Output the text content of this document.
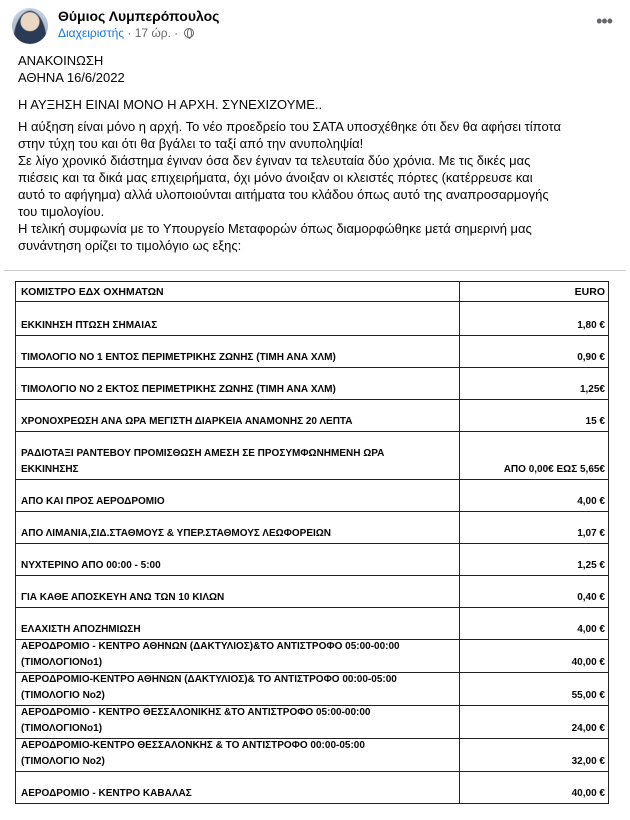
Θύμιος Λυμπερόπουλος
Διαχειριστής · 17 ώρ. ·
•••
ΑΝΑΚΟΙΝΩΣΗ
ΑΘΗΝΑ 16/6/2022
Η ΑΥΞΗΣΗ ΕΙΝΑΙ ΜΟΝΟ Η ΑΡΧΗ. ΣΥΝΕΧΙΖΟΥΜΕ..
Η αύξηση είναι μόνο η αρχή. Το νέο προεδρείο του ΣΑΤΑ υποσχέθηκε ότι δεν θα αφήσει τίποτα
στην τύχη του και ότι θα βγάλει το ταξί από την ανυποληψία!
Σε λίγο χρονικό διάστημα έγιναν όσα δεν έγιναν τα τελευταία δύο χρόνια. Με τις δικές μας
πιέσεις και τα δικά μας επιχειρήματα, όχι μόνο άνοιξαν οι κλειστές πόρτες (κατέρρευσε και
αυτό το αφήγημα) αλλά υλοποιούνται αιτήματα του κλάδου όπως αυτό της αναπροσαρμογής
του τιμολογίου.
Η τελική συμφωνία με το Υπουργείο Μεταφορών όπως διαμορφώθηκε μετά σημερινή μας
συνάντηση ορίζει το τιμολόγιο ως εξης:
ΚΟΜΙΣΤΡΟ ΕΔΧ ΟΧΗΜΑΤΩΝ	EURO

ΕΚΚΙΝΗΣΗ ΠΤΩΣΗ ΣΗΜΑΙΑΣ	1,80 €

ΤΙΜΟΛΟΓΙΟ ΝΟ 1 ΕΝΤΟΣ ΠΕΡΙΜΕΤΡΙΚΗΣ ΖΩΝΗΣ (ΤΙΜΗ ΑΝΑ ΧΛΜ)	0,90 €

ΤΙΜΟΛΟΓΙΟ ΝΟ 2 ΕΚΤΟΣ ΠΕΡΙΜΕΤΡΙΚΗΣ ΖΩΝΗΣ (ΤΙΜΗ ΑΝΑ ΧΛΜ)	1,25€

ΧΡΟΝΟΧΡΕΩΣΗ ΑΝΑ ΩΡΑ ΜΕΓΙΣΤΗ ΔΙΑΡΚΕΙΑ ΑΝΑΜΟΝΗΣ 20 ΛΕΠΤΑ	15 €

ΡΑΔΙΟΤΑΞΙ ΡΑΝΤΕΒΟΥ ΠΡΟΜΙΣΘΩΣΗ ΑΜΕΣΗ ΣΕ ΠΡΟΣΥΜΦΩΝΗΜΕΝΗ ΩΡΑ
ΕΚΚΙΝΗΣΗΣ	ΑΠΟ 0,00€ ΕΩΣ 5,65€

ΑΠΟ ΚΑΙ ΠΡΟΣ ΑΕΡΟΔΡΟΜΙΟ	4,00 €

ΑΠΟ ΛΙΜΑΝΙΑ,ΣΙΔ.ΣΤΑΘΜΟΥΣ & ΥΠΕΡ.ΣΤΑΘΜΟΥΣ ΛΕΩΦΟΡΕΙΩΝ	1,07 €

ΝΥΧΤΕΡΙΝΟ ΑΠΟ 00:00 - 5:00	1,25 €

ΓΙΑ ΚΑΘΕ ΑΠΟΣΚΕΥΗ ΑΝΩ ΤΩΝ 10 ΚΙΛΩΝ	0,40 €

ΕΛΑΧΙΣΤΗ ΑΠΟΖΗΜΙΩΣΗ	4,00 €

ΑΕΡΟΔΡΟΜΙΟ - ΚΕΝΤΡΟ ΑΘΗΝΩΝ (ΔΑΚΤΥΛΙΟΣ)&ΤΟ ΑΝΤΙΣΤΡΟΦΟ 05:00-00:00
(ΤΙΜΟΛΟΓΙΟΝο1)	40,00 €

ΑΕΡΟΔΡΟΜΙΟ-ΚΕΝΤΡΟ ΑΘΗΝΩΝ (ΔΑΚΤΥΛΙΟΣ)& ΤΟ ΑΝΤΙΣΤΡΟΦΟ 00:00-05:00
(ΤΙΜΟΛΟΓΙΟ Νο2)	55,00 €

ΑΕΡΟΔΡΟΜΙΟ - ΚΕΝΤΡΟ ΘΕΣΣΑΛΟΝΙΚΗΣ &ΤΟ ΑΝΤΙΣΤΡΟΦΟ 05:00-00:00
(ΤΙΜΟΛΟΓΙΟΝο1)	24,00 €

ΑΕΡΟΔΡΟΜΙΟ-ΚΕΝΤΡΟ ΘΕΣΣΑΛΟΝΚΗΣ & ΤΟ ΑΝΤΙΣΤΡΟΦΟ 00:00-05:00
(ΤΙΜΟΛΟΓΙΟ Νο2)	32,00 €

ΑΕΡΟΔΡΟΜΙΟ - ΚΕΝΤΡΟ ΚΑΒΑΛΑΣ	40,00 €
